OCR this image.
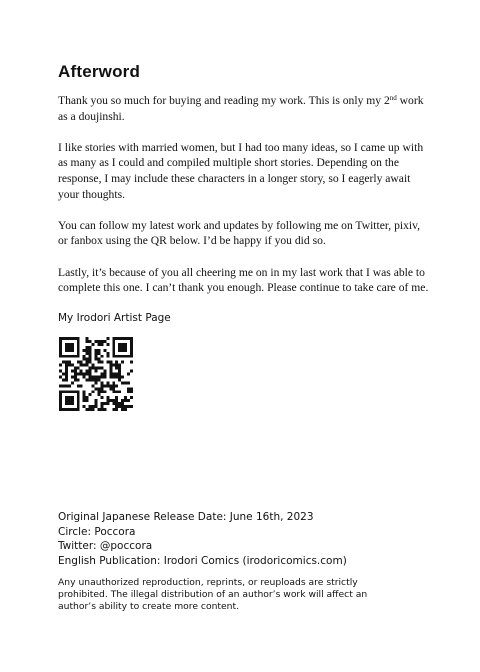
Afterword

Thank you so much for buying and reading my work. This is only my 2nd work as a doujinshi.

I like stories with married women, but I had too many ideas, so I came up with as many as I could and compiled multiple short stories. Depending on the response, I may include these characters in a longer story, so I eagerly await your thoughts.

You can follow my latest work and updates by following me on Twitter, pixiv, or fanbox using the QR below. I’d be happy if you did so.

Lastly, it’s because of you all cheering me on in my last work that I was able to complete this one. I can’t thank you enough. Please continue to take care of me.

My Irodori Artist Page
Original Japanese Release Date: June 16th, 2023
Circle: Poccora
Twitter: @poccora
English Publication: Irodori Comics (irodoricomics.com)
Any unauthorized reproduction, reprints, or reuploads are strictly prohibited. The illegal distribution of an author’s work will affect an author’s ability to create more content.
